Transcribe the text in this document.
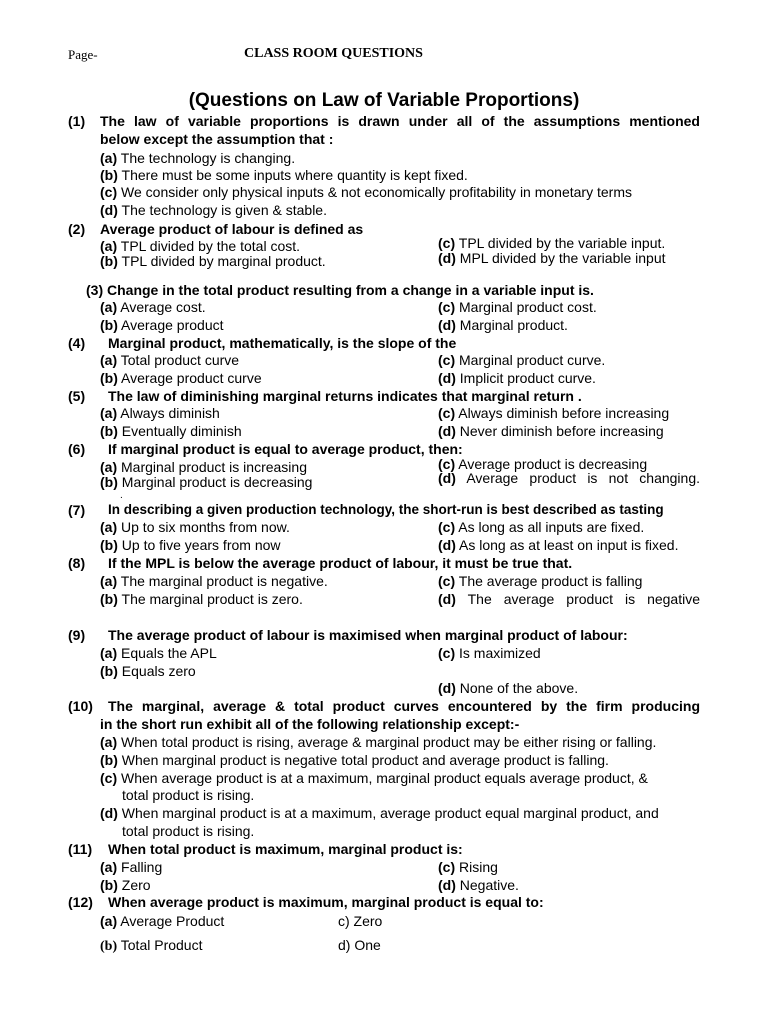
Page-	CLASS ROOM QUESTIONS
(Questions on Law of Variable Proportions)
(1) The law of variable proportions is drawn under all of the assumptions mentioned
below except the assumption that :
(a) The technology is changing.
(b) There must be some inputs where quantity is kept fixed.
(c) We consider only physical inputs & not economically profitability in monetary terms
(d) The technology is given & stable.
(2) Average product of labour is defined as
(a) TPL divided by the total cost.
(b) TPL divided by marginal product.
(c) TPL divided by the variable input.
(d) MPL divided by the variable input
(3) Change in the total product resulting from a change in a variable input is.
(a) Average cost.
(b) Average product
(c) Marginal product cost.
(d) Marginal product.
(4) Marginal product, mathematically, is the slope of the
(a) Total product curve
(b) Average product curve
(c) Marginal product curve.
(d) Implicit product curve.
(5) The law of diminishing marginal returns indicates that marginal return .
(a) Always diminish
(b) Eventually diminish
(c) Always diminish before increasing
(d) Never diminish before increasing
(6) If marginal product is equal to average product, then:
(a) Marginal product is increasing
(b) Marginal product is decreasing
(c) Average product is decreasing
(d) Average product is not changing.
.
(7) In describing a given production technology, the short-run is best described as tasting
(a) Up to six months from now.
(b) Up to five years from now
(c) As long as all inputs are fixed.
(d) As long as at least on input is fixed.
(8) If the MPL is below the average product of labour, it must be true that.
(a) The marginal product is negative.
(b) The marginal product is zero.
(c) The average product is falling
(d) The average product is negative
(9) The average product of labour is maximised when marginal product of labour:
(a) Equals the APL
(b) Equals zero
(c) Is maximized
(d) None of the above.
(10) The marginal, average & total product curves encountered by the firm producing
in the short run exhibit all of the following relationship except:-
(a) When total product is rising, average & marginal product may be either rising or falling.
(b) When marginal product is negative total product and average product is falling.
(c) When average product is at a maximum, marginal product equals average product, &
total product is rising.
(d) When marginal product is at a maximum, average product equal marginal product, and
total product is rising.
(11) When total product is maximum, marginal product is:
(a) Falling
(b) Zero
(c) Rising
(d) Negative.
(12) When average product is maximum, marginal product is equal to:
(a) Average Product
(b) Total Product
c) Zero
d) One
